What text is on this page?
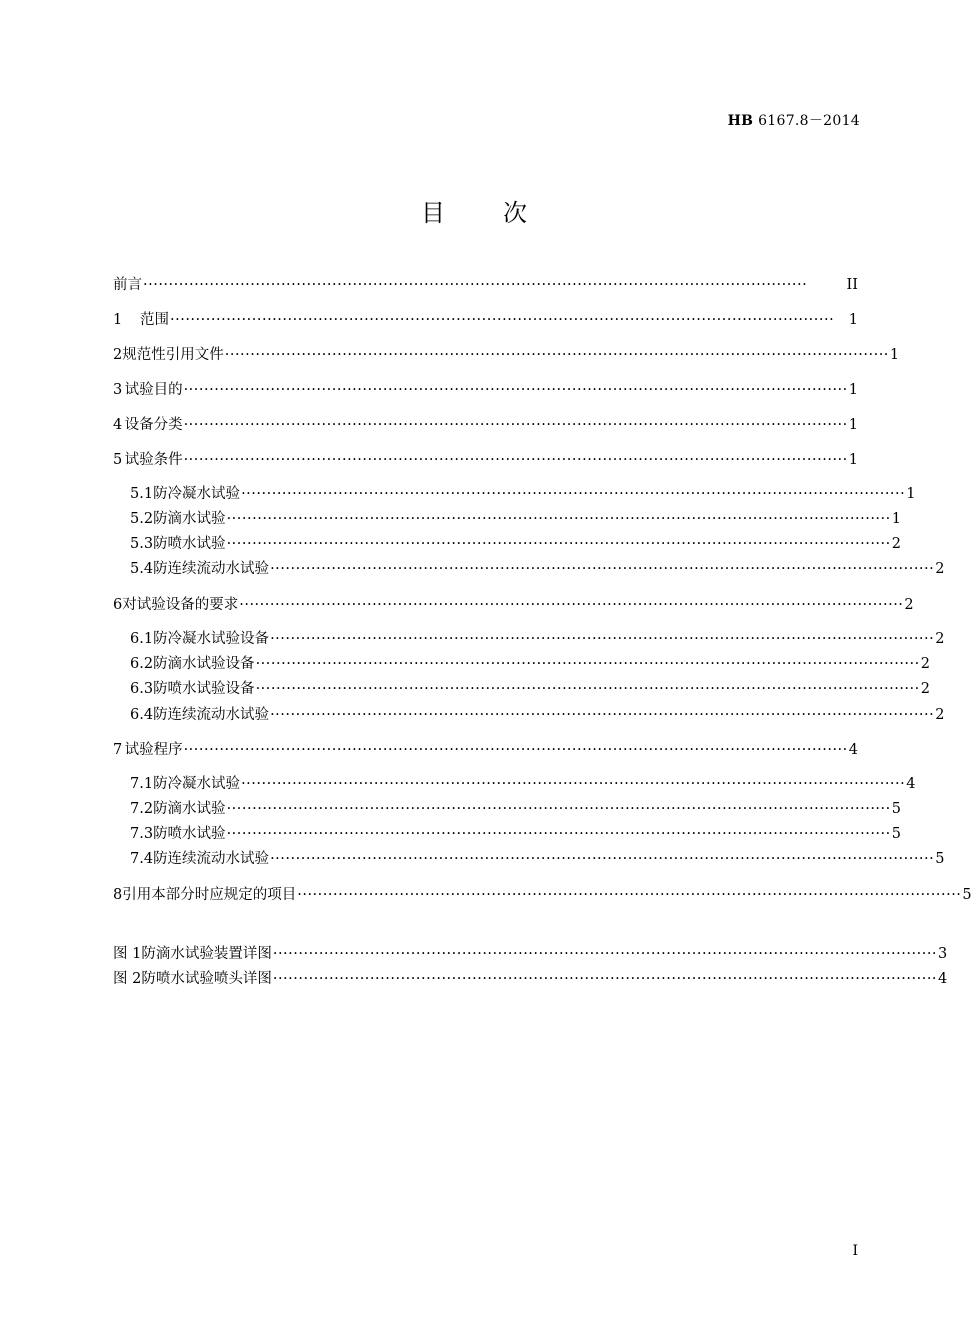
HB 6167.8－2014
目 次
前言 ··································································································································	II
1	范围 ··································································································································	1
2 规范性引用文件 ·································································································································· 1
3 试验目的 ·································································································································· 1
4 设备分类 ·································································································································· 1
5 试验条件 ·································································································································· 1
5.1 防冷凝水试验 ·································································································································· 1
5.2 防滴水试验 ·································································································································· 1
5.3 防喷水试验 ·································································································································· 2
5.4 防连续流动水试验 ·································································································································· 2
6 对试验设备的要求 ·································································································································· 2
6.1 防冷凝水试验设备 ·································································································································· 2
6.2 防滴水试验设备 ·································································································································· 2
6.3 防喷水试验设备 ·································································································································· 2
6.4 防连续流动水试验 ·································································································································· 2
7 试验程序 ·································································································································· 4
7.1 防冷凝水试验 ·································································································································· 4
7.2 防滴水试验 ·································································································································· 5
7.3 防喷水试验 ·································································································································· 5
7.4 防连续流动水试验 ·································································································································· 5
8 引用本部分时应规定的项目 ·································································································································· 5
图 1 防滴水试验装置详图 ·································································································································· 3
图 2 防喷水试验喷头详图 ·································································································································· 4
I
